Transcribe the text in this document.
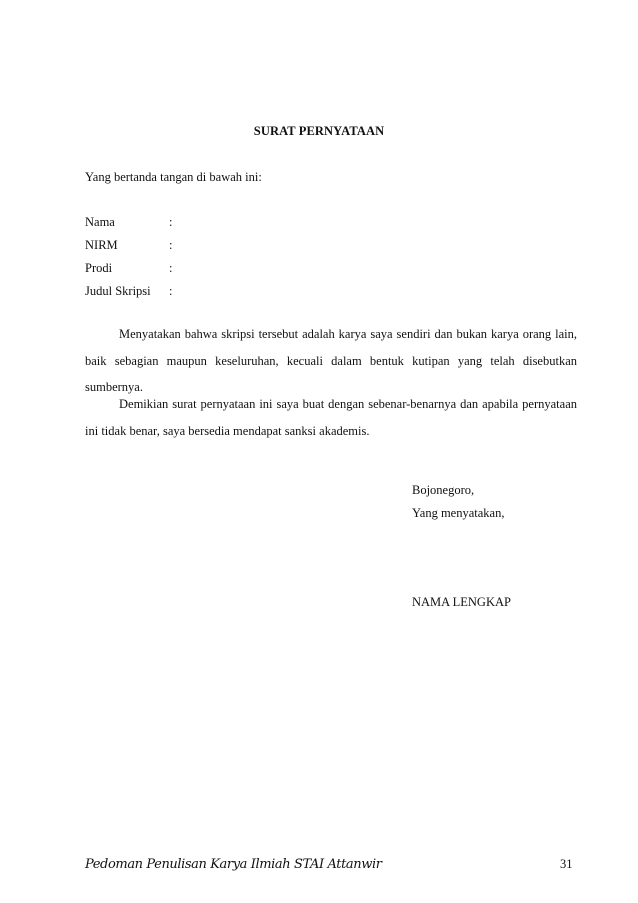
SURAT PERNYATAAN
Yang bertanda tangan di bawah ini:
Nama	:
NIRM	:
Prodi	:
Judul Skripsi :
Menyatakan bahwa skripsi tersebut adalah karya saya sendiri dan bukan karya orang lain, baik sebagian maupun keseluruhan, kecuali dalam bentuk kutipan yang telah disebutkan sumbernya.
Demikian surat pernyataan ini saya buat dengan sebenar-benarnya dan apabila pernyataan ini tidak benar, saya bersedia mendapat sanksi akademis.
Bojonegoro,
Yang menyatakan,
NAMA LENGKAP
Pedoman Penulisan Karya Ilmiah STAI Attanwir	31
